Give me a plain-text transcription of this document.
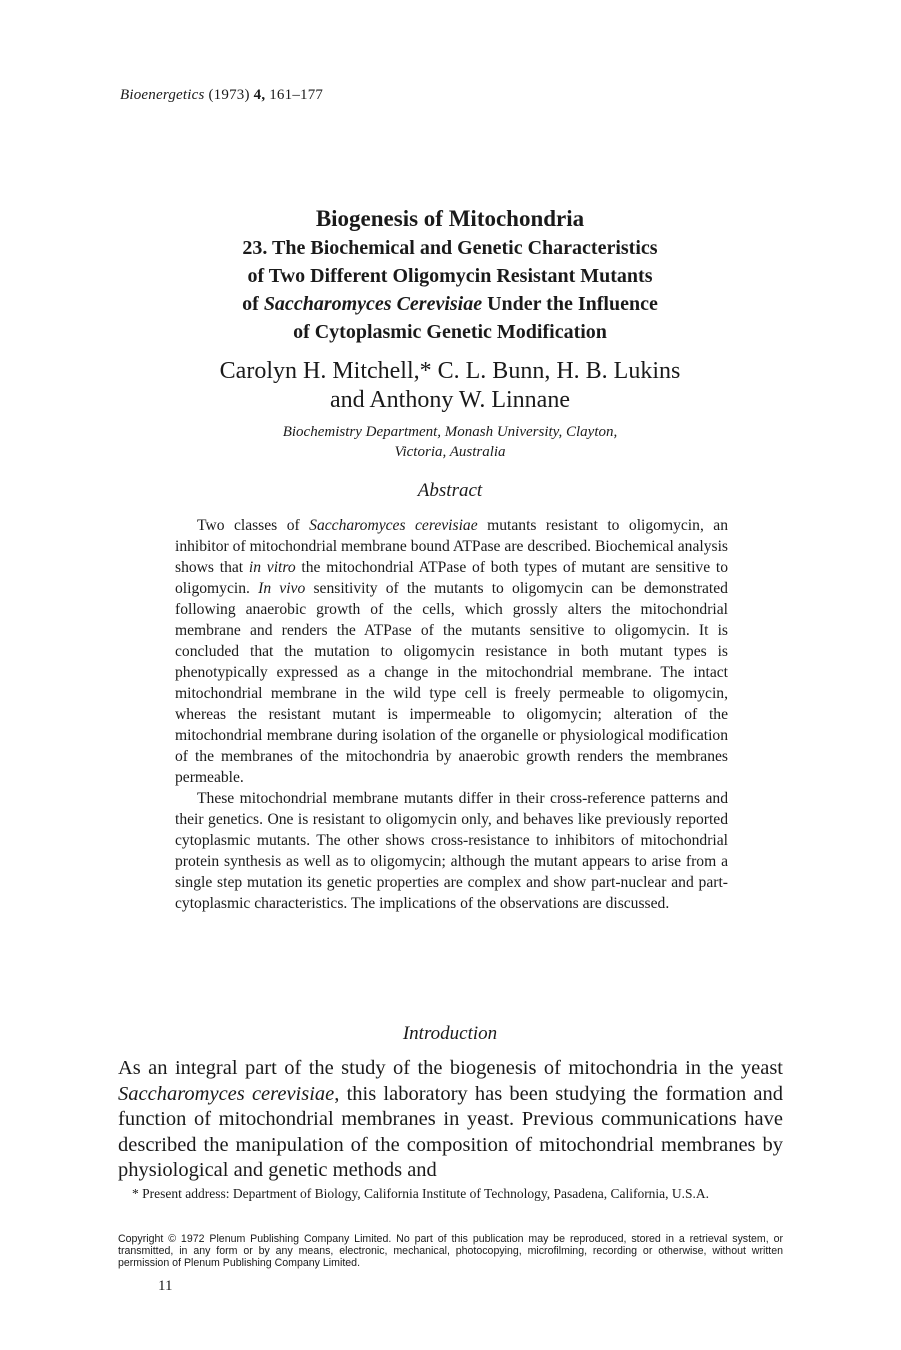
Bioenergetics (1973) 4, 161–177
Biogenesis of Mitochondria
23. The Biochemical and Genetic Characteristics
of Two Different Oligomycin Resistant Mutants
of Saccharomyces Cerevisiae Under the Influence
of Cytoplasmic Genetic Modification
Carolyn H. Mitchell,* C. L. Bunn, H. B. Lukins
and Anthony W. Linnane
Biochemistry Department, Monash University, Clayton,
Victoria, Australia
Abstract

Two classes of Saccharomyces cerevisiae mutants resistant to oligomycin, an inhibitor of mitochondrial membrane bound ATPase are described. Biochemical analysis shows that in vitro the mitochondrial ATPase of both types of mutant are sensitive to oligomycin. In vivo sensitivity of the mutants to oligomycin can be demonstrated following anaerobic growth of the cells, which grossly alters the mitochondrial membrane and renders the ATPase of the mutants sensitive to oligomycin. It is concluded that the mutation to oligomycin resistance in both mutant types is phenotypically expressed as a change in the mitochondrial membrane. The intact mitochondrial membrane in the wild type cell is freely permeable to oligomycin, whereas the resistant mutant is impermeable to oligomycin; alteration of the mitochondrial membrane during isolation of the organelle or physiological modification of the membranes of the mitochondria by anaerobic growth renders the membranes permeable.

These mitochondrial membrane mutants differ in their cross-reference patterns and their genetics. One is resistant to oligomycin only, and behaves like previously reported cytoplasmic mutants. The other shows cross-resistance to inhibitors of mitochondrial protein synthesis as well as to oligomycin; although the mutant appears to arise from a single step mutation its genetic properties are complex and show part-nuclear and part-cytoplasmic characteristics. The implications of the observations are discussed.

Introduction

As an integral part of the study of the biogenesis of mitochondria in the yeast Saccharomyces cerevisiae, this laboratory has been studying the formation and function of mitochondrial membranes in yeast. Previous communications have described the manipulation of the composition of mitochondrial membranes by physiological and genetic methods and

* Present address: Department of Biology, California Institute of Technology, Pasadena, California, U.S.A.

Copyright © 1972 Plenum Publishing Company Limited. No part of this publication may be reproduced, stored in a retrieval system, or transmitted, in any form or by any means, electronic, mechanical, photocopying, microfilming, recording or otherwise, without written permission of Plenum Publishing Company Limited.

11
